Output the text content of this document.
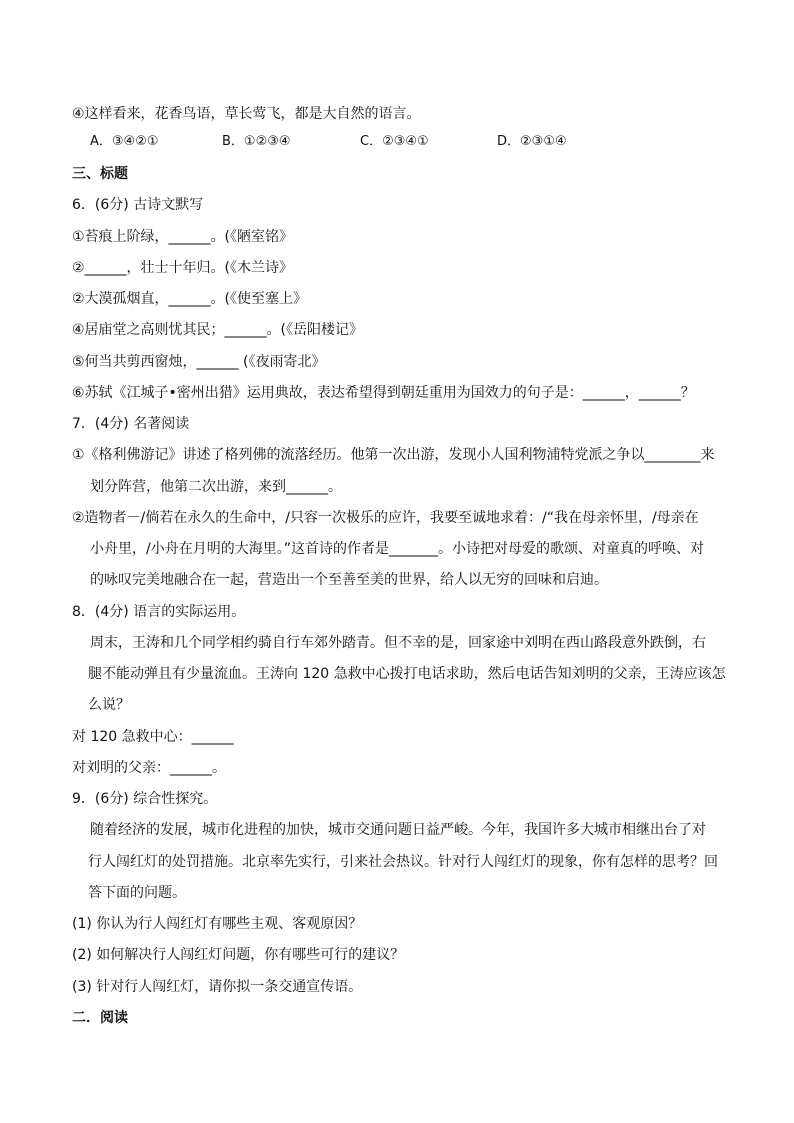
④这样看来，花香鸟语，草长莺飞，都是大自然的语言。
A．③④②①	B．①②③④	C．②③④①	D．②③①④
三、标题
6．(6分) 古诗文默写
①苔痕上阶绿，______。(《陋室铭》
②______，壮士十年归。(《木兰诗》
②大漠孤烟直，______。(《使至塞上》
④居庙堂之高则忧其民；______。(《岳阳楼记》
⑤何当共剪西窗烛，______ (《夜雨寄北》
⑥苏轼《江城子•密州出猎》运用典故，表达希望得到朝廷重用为国效力的句子是：______，______？
7．(4分) 名著阅读
①《格利佛游记》讲述了格列佛的流落经历。他第一次出游，发现小人国利物浦特党派之争以________来
划分阵营，他第二次出游，来到______。
②造物者－/倘若在永久的生命中，/只容一次极乐的应许，我要至诚地求着：/“我在母亲怀里，/母亲在
小舟里，/小舟在月明的大海里。”这首诗的作者是_______。小诗把对母爱的歌颂、对童真的呼唤、对
的咏叹完美地融合在一起，营造出一个至善至美的世界，给人以无穷的回味和启迪。
8．(4分) 语言的实际运用。
周末，王涛和几个同学相约骑自行车郊外踏青。但不幸的是，回家途中刘明在西山路段意外跌倒，右
腿不能动弹且有少量流血。王涛向 120 急救中心拨打电话求助，然后电话告知刘明的父亲，王涛应该怎
么说？
对 120 急救中心：______
对刘明的父亲：______。
9．(6分) 综合性探究。
随着经济的发展，城市化进程的加快，城市交通问题日益严峻。今年，我国许多大城市相继出台了对
行人闯红灯的处罚措施。北京率先实行，引来社会热议。针对行人闯红灯的现象，你有怎样的思考？回
答下面的问题。
(1) 你认为行人闯红灯有哪些主观、客观原因？
(2) 如何解决行人闯红灯问题，你有哪些可行的建议？
(3) 针对行人闯红灯，请你拟一条交通宣传语。
二．阅读
